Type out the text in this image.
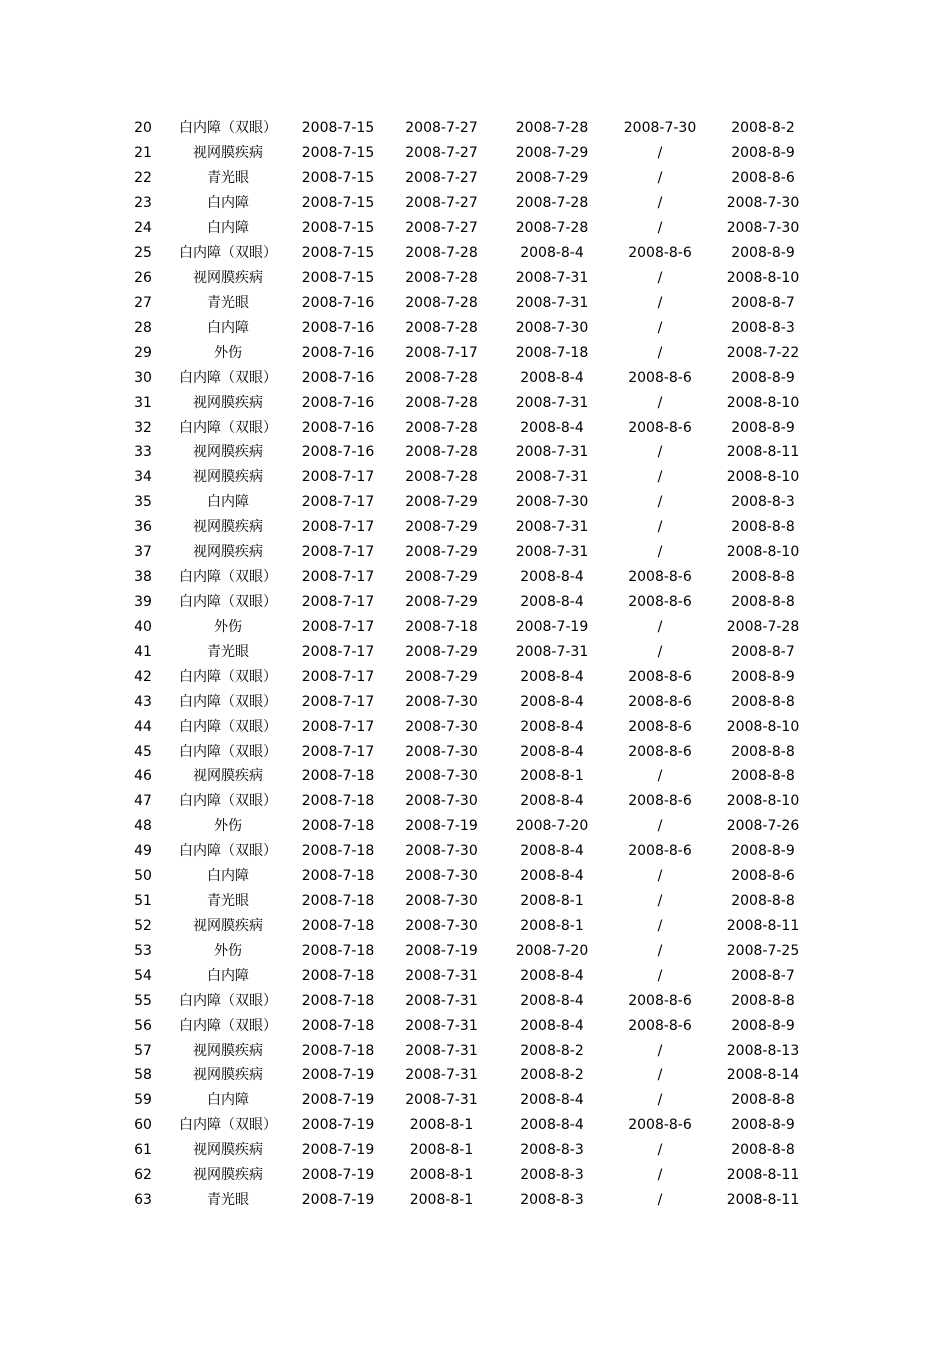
20	白内障（双眼）	2008-7-15	2008-7-27	2008-7-28	2008-7-30	2008-8-2
21	视网膜疾病	2008-7-15	2008-7-27	2008-7-29	/	2008-8-9
22	青光眼	2008-7-15	2008-7-27	2008-7-29	/	2008-8-6
23	白内障	2008-7-15	2008-7-27	2008-7-28	/	2008-7-30
24	白内障	2008-7-15	2008-7-27	2008-7-28	/	2008-7-30
25	白内障（双眼）	2008-7-15	2008-7-28	2008-8-4	2008-8-6	2008-8-9
26	视网膜疾病	2008-7-15	2008-7-28	2008-7-31	/	2008-8-10
27	青光眼	2008-7-16	2008-7-28	2008-7-31	/	2008-8-7
28	白内障	2008-7-16	2008-7-28	2008-7-30	/	2008-8-3
29	外伤	2008-7-16	2008-7-17	2008-7-18	/	2008-7-22
30	白内障（双眼）	2008-7-16	2008-7-28	2008-8-4	2008-8-6	2008-8-9
31	视网膜疾病	2008-7-16	2008-7-28	2008-7-31	/	2008-8-10
32	白内障（双眼）	2008-7-16	2008-7-28	2008-8-4	2008-8-6	2008-8-9
33	视网膜疾病	2008-7-16	2008-7-28	2008-7-31	/	2008-8-11
34	视网膜疾病	2008-7-17	2008-7-28	2008-7-31	/	2008-8-10
35	白内障	2008-7-17	2008-7-29	2008-7-30	/	2008-8-3
36	视网膜疾病	2008-7-17	2008-7-29	2008-7-31	/	2008-8-8
37	视网膜疾病	2008-7-17	2008-7-29	2008-7-31	/	2008-8-10
38	白内障（双眼）	2008-7-17	2008-7-29	2008-8-4	2008-8-6	2008-8-8
39	白内障（双眼）	2008-7-17	2008-7-29	2008-8-4	2008-8-6	2008-8-8
40	外伤	2008-7-17	2008-7-18	2008-7-19	/	2008-7-28
41	青光眼	2008-7-17	2008-7-29	2008-7-31	/	2008-8-7
42	白内障（双眼）	2008-7-17	2008-7-29	2008-8-4	2008-8-6	2008-8-9
43	白内障（双眼）	2008-7-17	2008-7-30	2008-8-4	2008-8-6	2008-8-8
44	白内障（双眼）	2008-7-17	2008-7-30	2008-8-4	2008-8-6	2008-8-10
45	白内障（双眼）	2008-7-17	2008-7-30	2008-8-4	2008-8-6	2008-8-8
46	视网膜疾病	2008-7-18	2008-7-30	2008-8-1	/	2008-8-8
47	白内障（双眼）	2008-7-18	2008-7-30	2008-8-4	2008-8-6	2008-8-10
48	外伤	2008-7-18	2008-7-19	2008-7-20	/	2008-7-26
49	白内障（双眼）	2008-7-18	2008-7-30	2008-8-4	2008-8-6	2008-8-9
50	白内障	2008-7-18	2008-7-30	2008-8-4	/	2008-8-6
51	青光眼	2008-7-18	2008-7-30	2008-8-1	/	2008-8-8
52	视网膜疾病	2008-7-18	2008-7-30	2008-8-1	/	2008-8-11
53	外伤	2008-7-18	2008-7-19	2008-7-20	/	2008-7-25
54	白内障	2008-7-18	2008-7-31	2008-8-4	/	2008-8-7
55	白内障（双眼）	2008-7-18	2008-7-31	2008-8-4	2008-8-6	2008-8-8
56	白内障（双眼）	2008-7-18	2008-7-31	2008-8-4	2008-8-6	2008-8-9
57	视网膜疾病	2008-7-18	2008-7-31	2008-8-2	/	2008-8-13
58	视网膜疾病	2008-7-19	2008-7-31	2008-8-2	/	2008-8-14
59	白内障	2008-7-19	2008-7-31	2008-8-4	/	2008-8-8
60	白内障（双眼）	2008-7-19	2008-8-1	2008-8-4	2008-8-6	2008-8-9
61	视网膜疾病	2008-7-19	2008-8-1	2008-8-3	/	2008-8-8
62	视网膜疾病	2008-7-19	2008-8-1	2008-8-3	/	2008-8-11
63	青光眼	2008-7-19	2008-8-1	2008-8-3	/	2008-8-11
